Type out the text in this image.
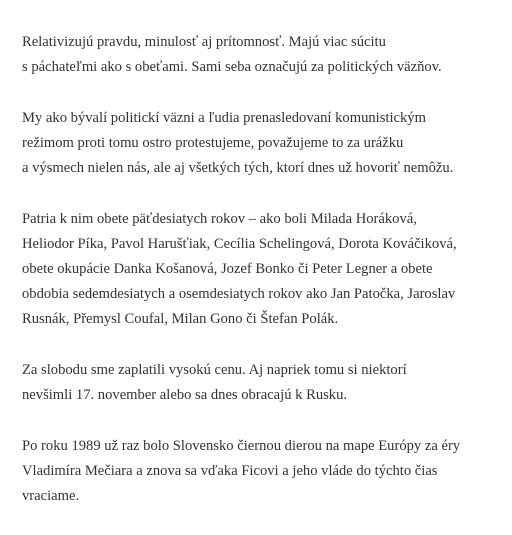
Relativizujú pravdu, minulosť aj prítomnosť. Majú viac súcitu
s páchateľmi ako s obeťami. Sami seba označujú za politických väzňov.

My ako bývalí politickí väzni a ľudia prenasledovaní komunistickým
režimom proti tomu ostro protestujeme, považujeme to za urážku
a výsmech nielen nás, ale aj všetkých tých, ktorí dnes už hovoriť nemôžu.

Patria k nim obete päťdesiatych rokov – ako boli Milada Horáková,
Heliodor Píka, Pavol Harušťiak, Cecília Schelingová, Dorota Kováčiková,
obete okupácie Danka Košanová, Jozef Bonko či Peter Legner a obete
obdobia sedemdesiatych a osemdesiatych rokov ako Jan Patočka, Jaroslav
Rusnák, Přemysl Coufal, Milan Gono či Štefan Polák.

Za slobodu sme zaplatili vysokú cenu. Aj napriek tomu si niektorí
nevšimli 17. november alebo sa dnes obracajú k Rusku.

Po roku 1989 už raz bolo Slovensko čiernou dierou na mape Európy za éry
Vladimíra Mečiara a znova sa vďaka Ficovi a jeho vláde do týchto čias
vraciame.
